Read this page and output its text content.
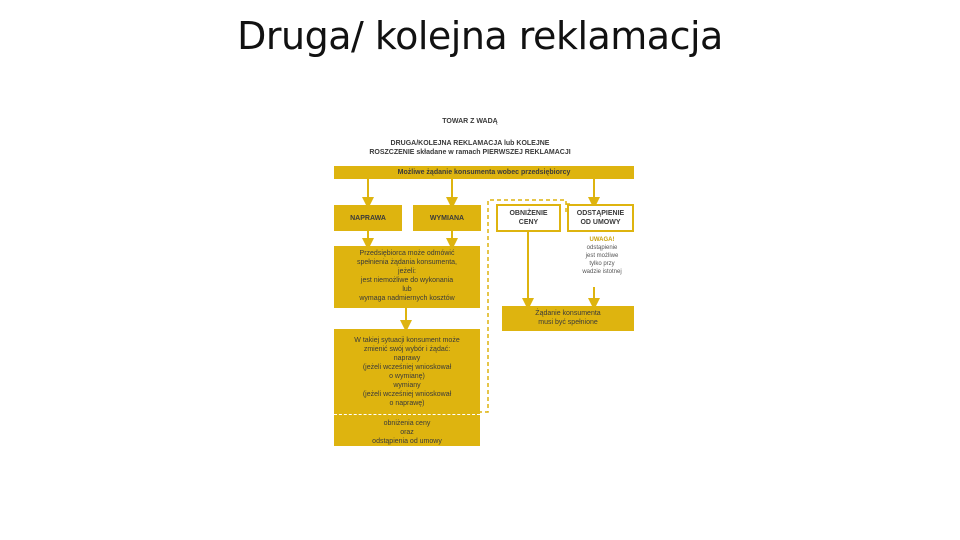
Druga/ kolejna reklamacja
TOWAR Z WADĄ
DRUGA/KOLEJNA REKLAMACJA lub KOLEJNE
ROSZCZENIE składane w ramach PIERWSZEJ REKLAMACJI
Możliwe żądanie konsumenta wobec przedsiębiorcy
NAPRAWA	WYMIANA
OBNIŻENIE
CENY
ODSTĄPIENIE
OD UMOWY
UWAGA!
odstąpienie
jest możliwe
tylko przy
wadzie istotnej
Przedsiębiorca może odmówić
spełnienia żądania konsumenta,
jeżeli:
jest niemożliwe do wykonania
lub
wymaga nadmiernych kosztów
Żądanie konsumenta
musi być spełnione
W takiej sytuacji konsument może
zmienić swój wybór i żądać:
naprawy
(jeżeli wcześniej wnioskował
o wymianę)
wymiany
(jeżeli wcześniej wnioskował
o naprawę)
obniżenia ceny
oraz
odstąpienia od umowy
